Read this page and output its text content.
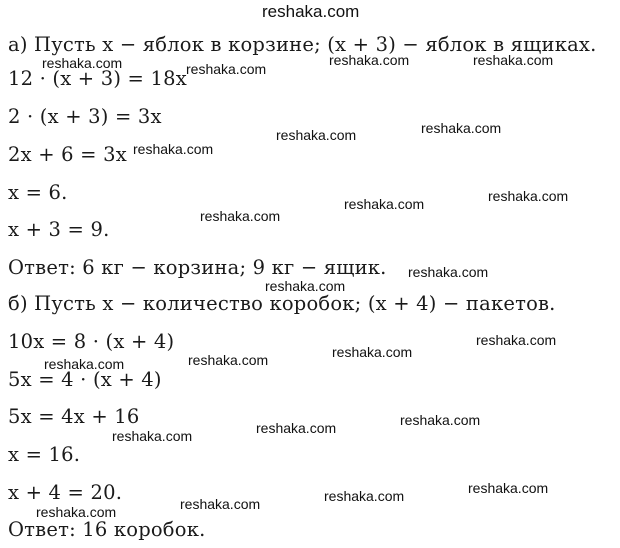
reshaka.com
а) Пусть x − яблок в корзине; (x + 3) − яблок в ящиках.
12 · (x + 3) = 18x
2 · (x + 3) = 3x
2x + 6 = 3x
x = 6.
x + 3 = 9.
Ответ: 6 кг − корзина; 9 кг − ящик.
б) Пусть x − количество коробок; (x + 4) − пакетов.
10x = 8 · (x + 4)
5x = 4 · (x + 4)
5x = 4x + 16
x = 16.
x + 4 = 20.
Ответ: 16 коробок.
reshaka.com	reshaka.com
reshaka.com	reshaka.com
reshaka.com	reshaka.com
reshaka.com
reshaka.com
reshaka.com
reshaka.com
reshaka.com
reshaka.com
reshaka.com
reshaka.com
reshaka.com
reshaka.com
reshaka.com
reshaka.com
reshaka.com
reshaka.com
reshaka.com
reshaka.com
reshaka.com
